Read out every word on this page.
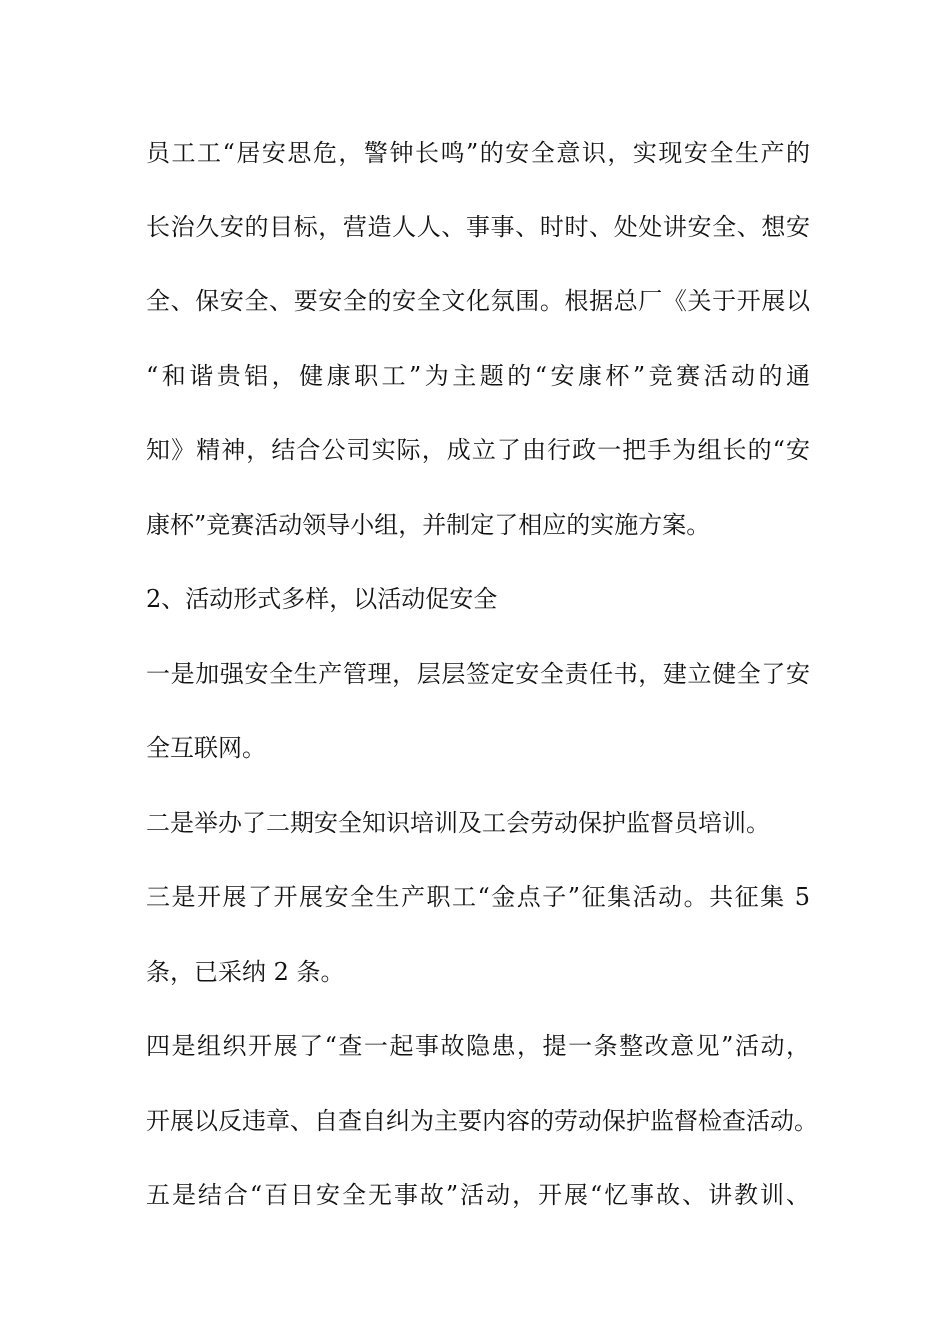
员工工“居安思危，警钟长鸣”的安全意识，实现安全生产的
长治久安的目标，营造人人、事事、时时、处处讲安全、想安
全、保安全、要安全的安全文化氛围。根据总厂《关于开展以
“和谐贵铝，健康职工”为主题的“安康杯”竞赛活动的通
知》精神，结合公司实际，成立了由行政一把手为组长的“安
康杯”竞赛活动领导小组，并制定了相应的实施方案。
2、活动形式多样，以活动促安全
一是加强安全生产管理，层层签定安全责任书，建立健全了安
全互联网。
二是举办了二期安全知识培训及工会劳动保护监督员培训。
三是开展了开展安全生产职工“金点子”征集活动。共征集 5
条，已采纳 2 条。
四是组织开展了“查一起事故隐患，提一条整改意见”活动，
开展以反违章、自查自纠为主要内容的劳动保护监督检查活动。
五是结合“百日安全无事故”活动，开展“忆事故、讲教训、
